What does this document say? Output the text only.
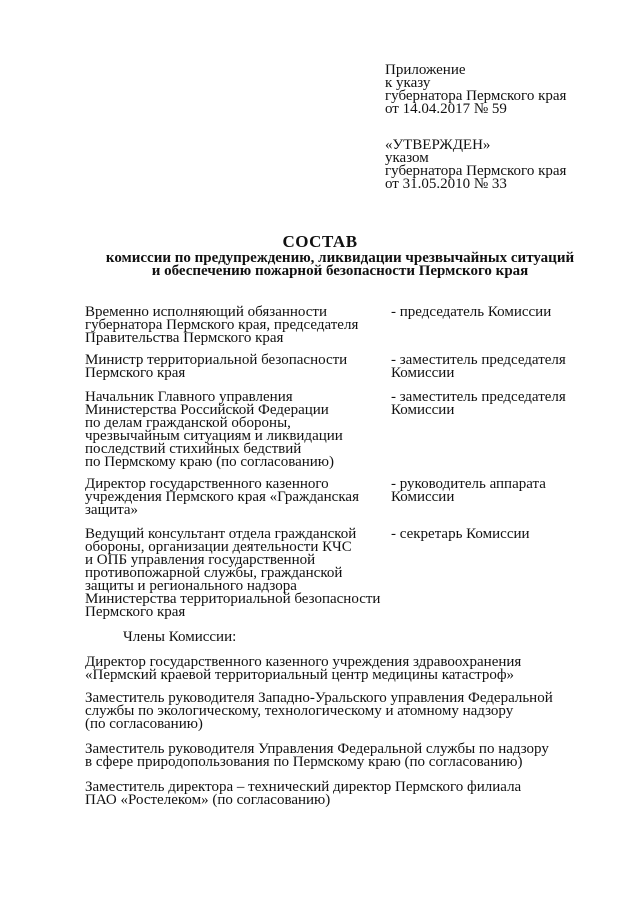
Приложение
к указу
губернатора Пермского края
от 14.04.2017 № 59
«УТВЕРЖДЕН»
указом
губернатора Пермского края
от 31.05.2010 № 33
СОСТАВ
комиссии по предупреждению, ликвидации чрезвычайных ситуаций
и обеспечению пожарной безопасности Пермского края
Временно исполняющий обязанности
губернатора Пермского края, председателя
Правительства Пермского края
- председатель Комиссии
Министр территориальной безопасности
Пермского края
- заместитель председателя
Комиссии
Начальник Главного управления
Министерства Российской Федерации
по делам гражданской обороны,
чрезвычайным ситуациям и ликвидации
последствий стихийных бедствий
по Пермскому краю (по согласованию)
- заместитель председателя
Комиссии
Директор государственного казенного
учреждения Пермского края «Гражданская
защита»
- руководитель аппарата
Комиссии
Ведущий консультант отдела гражданской
обороны, организации деятельности КЧС
и ОПБ управления государственной
противопожарной службы, гражданской
защиты и регионального надзора
Министерства территориальной безопасности
Пермского края
- секретарь Комиссии
Члены Комиссии:
Директор государственного казенного учреждения здравоохранения
«Пермский краевой территориальный центр медицины катастроф»
Заместитель руководителя Западно-Уральского управления Федеральной
службы по экологическому, технологическому и атомному надзору
(по согласованию)
Заместитель руководителя Управления Федеральной службы по надзору
в сфере природопользования по Пермскому краю (по согласованию)
Заместитель директора – технический директор Пермского филиала
ПАО «Ростелеком» (по согласованию)
